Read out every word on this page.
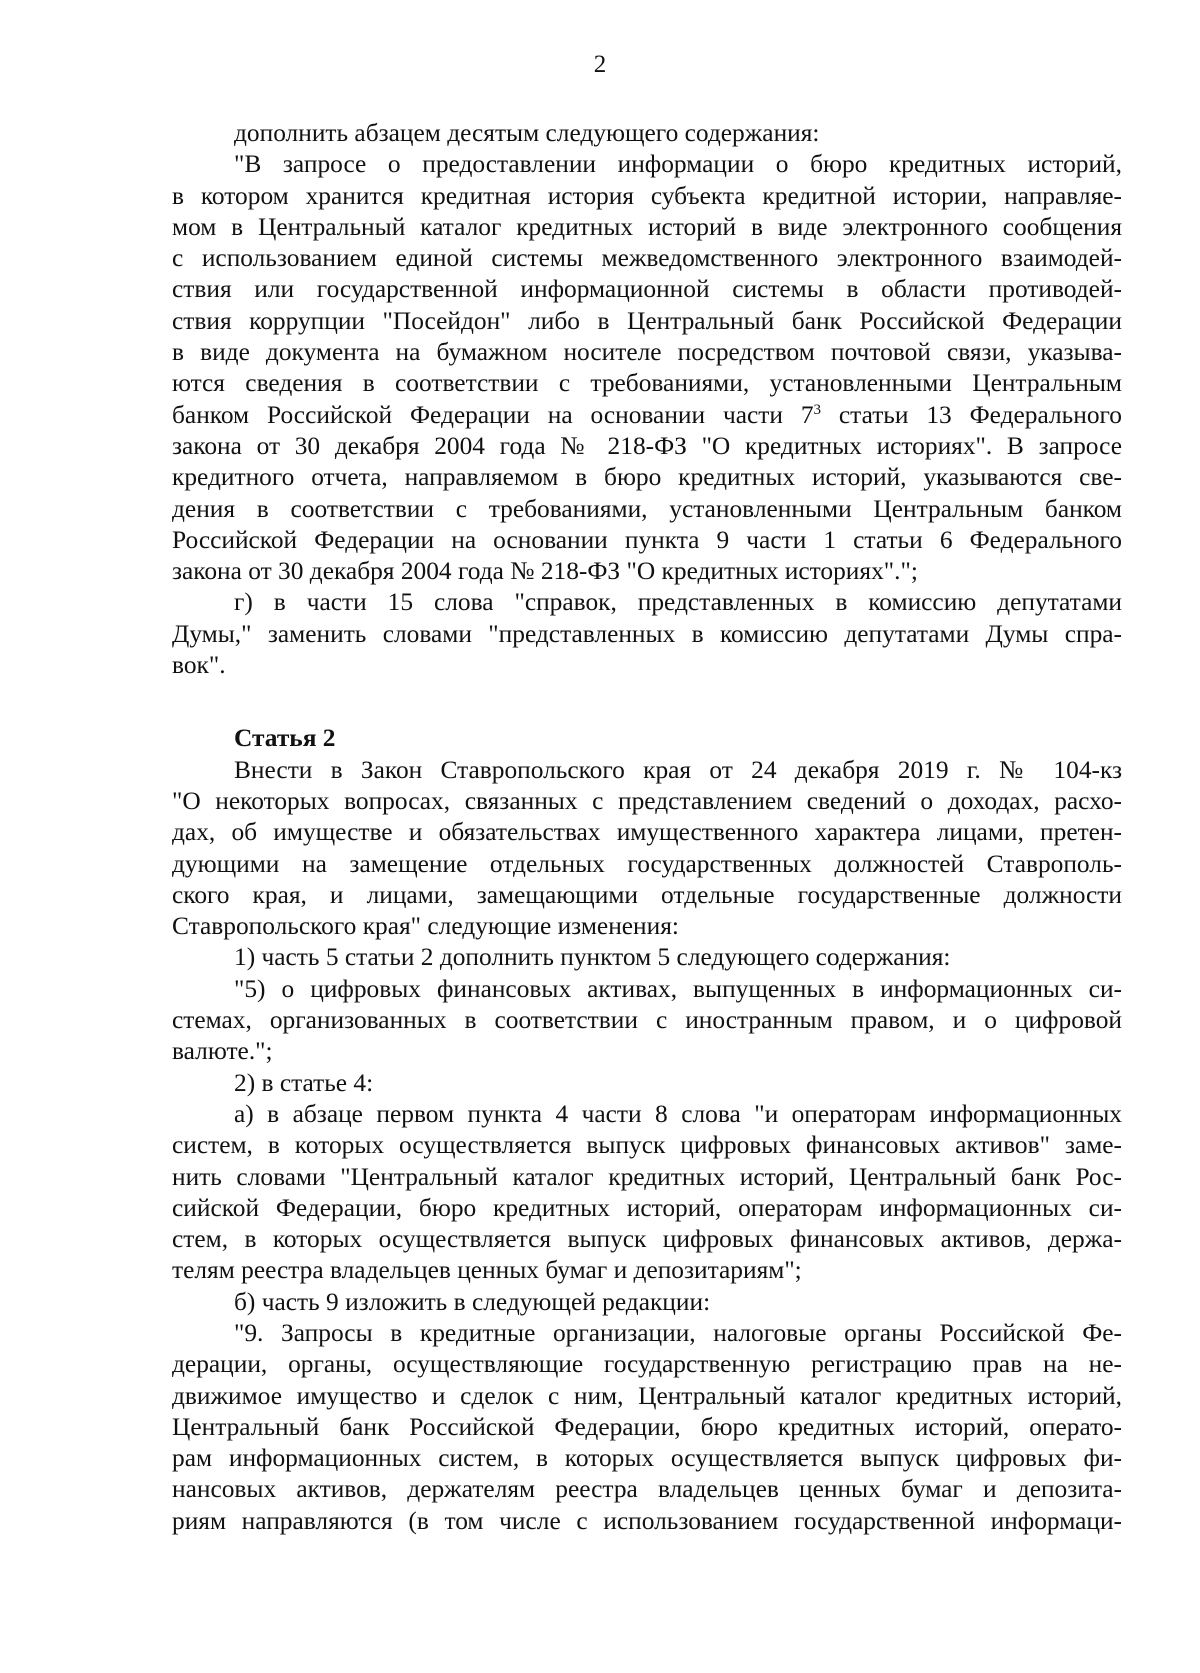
2
дополнить абзацем десятым следующего содержания:
"В запросе о предоставлении информации о бюро кредитных историй,
в котором хранится кредитная история субъекта кредитной истории, направляе-
мом в Центральный каталог кредитных историй в виде электронного сообщения
с использованием единой системы межведомственного электронного взаимодей-
ствия или государственной информационной системы в области противодей-
ствия коррупции "Посейдон" либо в Центральный банк Российской Федерации
в виде документа на бумажном носителе посредством почтовой связи, указыва-
ются сведения в соответствии с требованиями, установленными Центральным
банком Российской Федерации на основании части $7^3$ статьи 13 Федерального
закона от 30 декабря 2004 года № 218-ФЗ "О кредитных историях". В запросе
кредитного отчета, направляемом в бюро кредитных историй, указываются све-
дения в соответствии с требованиями, установленными Центральным банком
Российской Федерации на основании пункта 9 части 1 статьи 6 Федерального
закона от 30 декабря 2004 года № 218-ФЗ "О кредитных историях".";
г) в части 15 слова "справок, представленных в комиссию депутатами
Думы," заменить словами "представленных в комиссию депутатами Думы спра-
вок".
Статья 2
Внести в Закон Ставропольского края от 24 декабря 2019 г. № 104-кз
"О некоторых вопросах, связанных с представлением сведений о доходах, расхо-
дах, об имуществе и обязательствах имущественного характера лицами, претен-
дующими на замещение отдельных государственных должностей Ставрополь-
ского края, и лицами, замещающими отдельные государственные должности
Ставропольского края" следующие изменения:
1) часть 5 статьи 2 дополнить пунктом 5 следующего содержания:
"5) о цифровых финансовых активах, выпущенных в информационных си-
стемах, организованных в соответствии с иностранным правом, и о цифровой
валюте.";
2) в статье 4:
а) в абзаце первом пункта 4 части 8 слова "и операторам информационных
систем, в которых осуществляется выпуск цифровых финансовых активов" заме-
нить словами "Центральный каталог кредитных историй, Центральный банк Рос-
сийской Федерации, бюро кредитных историй, операторам информационных си-
стем, в которых осуществляется выпуск цифровых финансовых активов, держа-
телям реестра владельцев ценных бумаг и депозитариям";
б) часть 9 изложить в следующей редакции:
"9. Запросы в кредитные организации, налоговые органы Российской Фе-
дерации, органы, осуществляющие государственную регистрацию прав на не-
движимое имущество и сделок с ним, Центральный каталог кредитных историй,
Центральный банк Российской Федерации, бюро кредитных историй, операто-
рам информационных систем, в которых осуществляется выпуск цифровых фи-
нансовых активов, держателям реестра владельцев ценных бумаг и депозита-
риям направляются (в том числе с использованием государственной информаци-
